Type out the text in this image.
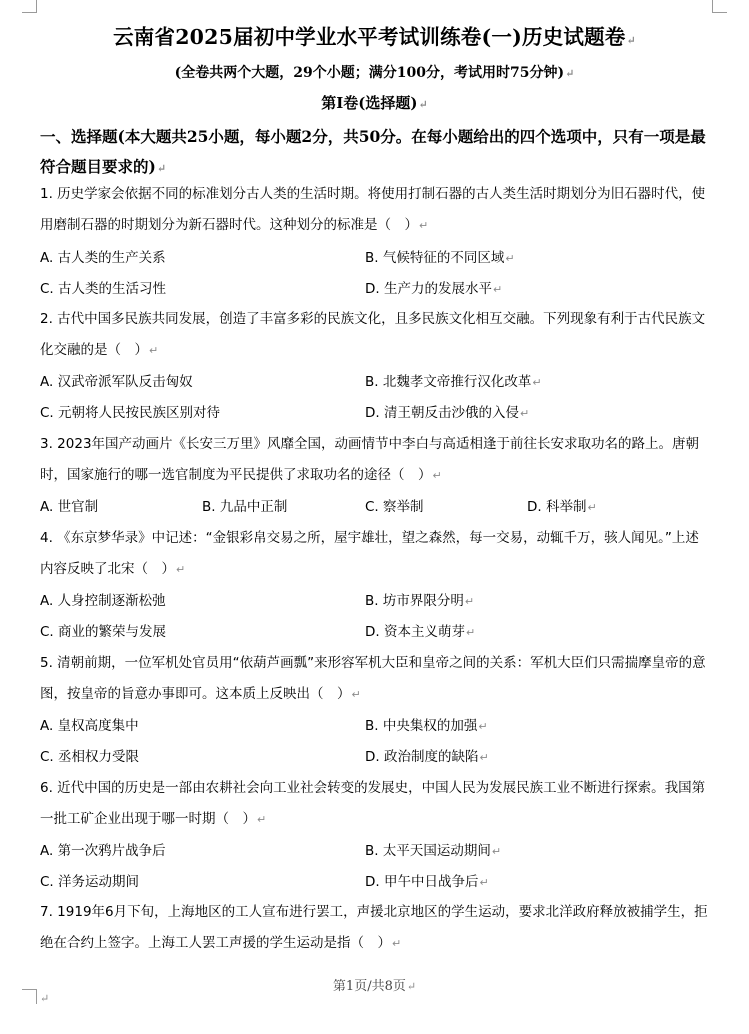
云南省2025届初中学业水平考试训练卷(一)历史试题卷↵
(全卷共两个大题，29个小题；满分100分，考试用时75分钟)↵
第I卷(选择题)↵
一、选择题(本大题共25小题，每小题2分，共50分。在每小题给出的四个选项中，只有一项是最符合题目要求的)↵
1. 历史学家会依据不同的标准划分古人类的生活时期。将使用打制石器的古人类生活时期划分为旧石器时代，使用磨制石器的时期划分为新石器时代。这种划分的标准是（　）↵
A. 古人类的生产关系	B. 气候特征的不同区域↵
C. 古人类的生活习性	D. 生产力的发展水平↵
2. 古代中国多民族共同发展，创造了丰富多彩的民族文化，且多民族文化相互交融。下列现象有利于古代民族文化交融的是（　）↵
A. 汉武帝派军队反击匈奴	B. 北魏孝文帝推行汉化改革↵
C. 元朝将人民按民族区别对待	D. 清王朝反击沙俄的入侵↵
3. 2023年国产动画片《长安三万里》风靡全国，动画情节中李白与高适相逢于前往长安求取功名的路上。唐朝时，国家施行的哪一选官制度为平民提供了求取功名的途径（　）↵
A. 世官制	B. 九品中正制	C. 察举制	D. 科举制↵
4. 《东京梦华录》中记述：“金银彩帛交易之所，屋宇雄壮，望之森然，每一交易，动辄千万，骇人闻见。”上述内容反映了北宋（　）↵
A. 人身控制逐渐松弛	B. 坊市界限分明↵
C. 商业的繁荣与发展	D. 资本主义萌芽↵
5. 清朝前期，一位军机处官员用“依葫芦画瓢”来形容军机大臣和皇帝之间的关系：军机大臣们只需揣摩皇帝的意图，按皇帝的旨意办事即可。这本质上反映出（　）↵
A. 皇权高度集中	B. 中央集权的加强↵
C. 丞相权力受限	D. 政治制度的缺陷↵
6. 近代中国的历史是一部由农耕社会向工业社会转变的发展史，中国人民为发展民族工业不断进行探索。我国第一批工矿企业出现于哪一时期（　）↵
A. 第一次鸦片战争后	B. 太平天国运动期间↵
C. 洋务运动期间	D. 甲午中日战争后↵
7. 1919年6月下旬，上海地区的工人宣布进行罢工，声援北京地区的学生运动，要求北洋政府释放被捕学生，拒绝在合约上签字。上海工人罢工声援的学生运动是指（　）↵
第1页/共8页↵
↵
